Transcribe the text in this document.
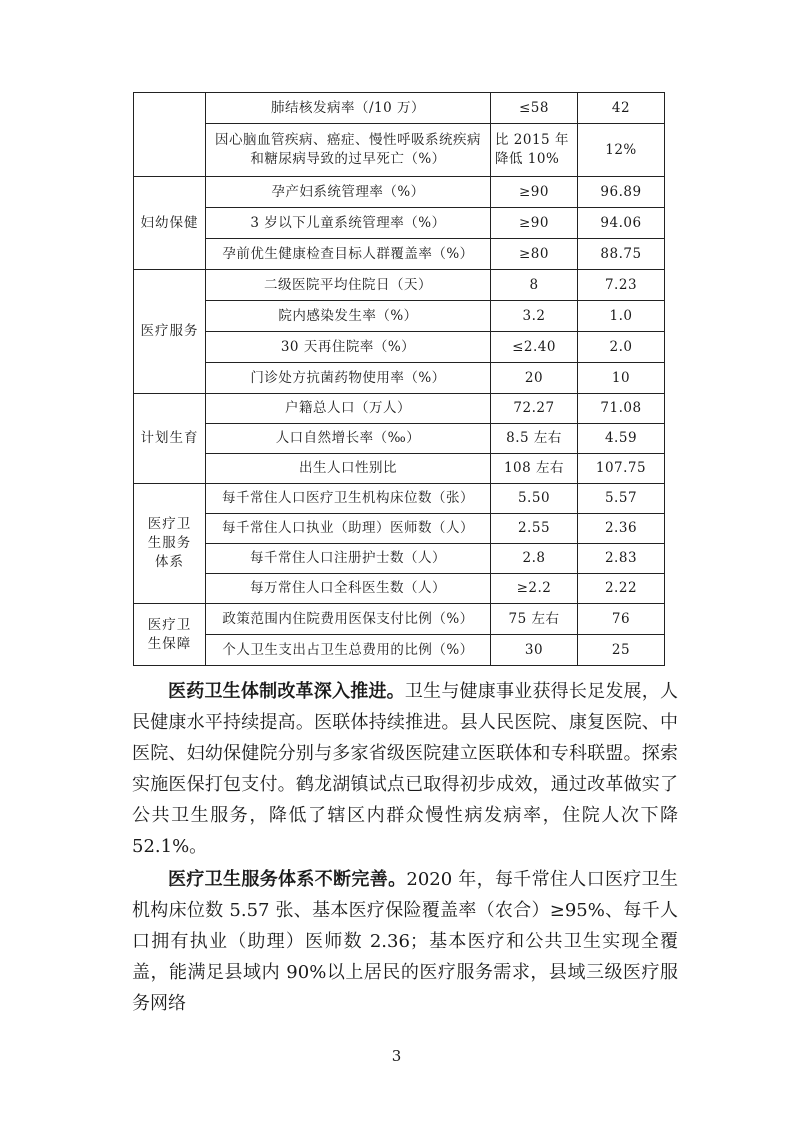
	肺结核发病率（/10 万）	≤58	42
	因心脑血管疾病、癌症、慢性呼吸系统疾病和糖尿病导致的过早死亡（%）	比 2015 年降低 10%	12%
妇幼保健	孕产妇系统管理率（%）	≥90	96.89
	3 岁以下儿童系统管理率（%）	≥90	94.06
	孕前优生健康检查目标人群覆盖率（%）	≥80	88.75
医疗服务	二级医院平均住院日（天）	8	7.23
	院内感染发生率（%）	3.2	1.0
	30 天再住院率（%）	≤2.40	2.0
	门诊处方抗菌药物使用率（%）	20	10
计划生育	户籍总人口（万人）	72.27	71.08
	人口自然增长率（‰）	8.5 左右	4.59
	出生人口性别比	108 左右	107.75
医疗卫生服务体系	每千常住人口医疗卫生机构床位数（张）	5.50	5.57
	每千常住人口执业（助理）医师数（人）	2.55	2.36
	每千常住人口注册护士数（人）	2.8	2.83
	每万常住人口全科医生数（人）	≥2.2	2.22
医疗卫生保障	政策范围内住院费用医保支付比例（%）	75 左右	76
	个人卫生支出占卫生总费用的比例（%）	30	25

医药卫生体制改革深入推进。卫生与健康事业获得长足发展，人民健康水平持续提高。医联体持续推进。县人民医院、康复医院、中医院、妇幼保健院分别与多家省级医院建立医联体和专科联盟。探索实施医保打包支付。鹤龙湖镇试点已取得初步成效，通过改革做实了公共卫生服务，降低了辖区内群众慢性病发病率，住院人次下降 52.1%。

医疗卫生服务体系不断完善。2020 年，每千常住人口医疗卫生机构床位数 5.57 张、基本医疗保险覆盖率（农合）≥95%、每千人口拥有执业（助理）医师数 2.36；基本医疗和公共卫生实现全覆盖，能满足县域内 90%以上居民的医疗服务需求，县域三级医疗服务网络

3
